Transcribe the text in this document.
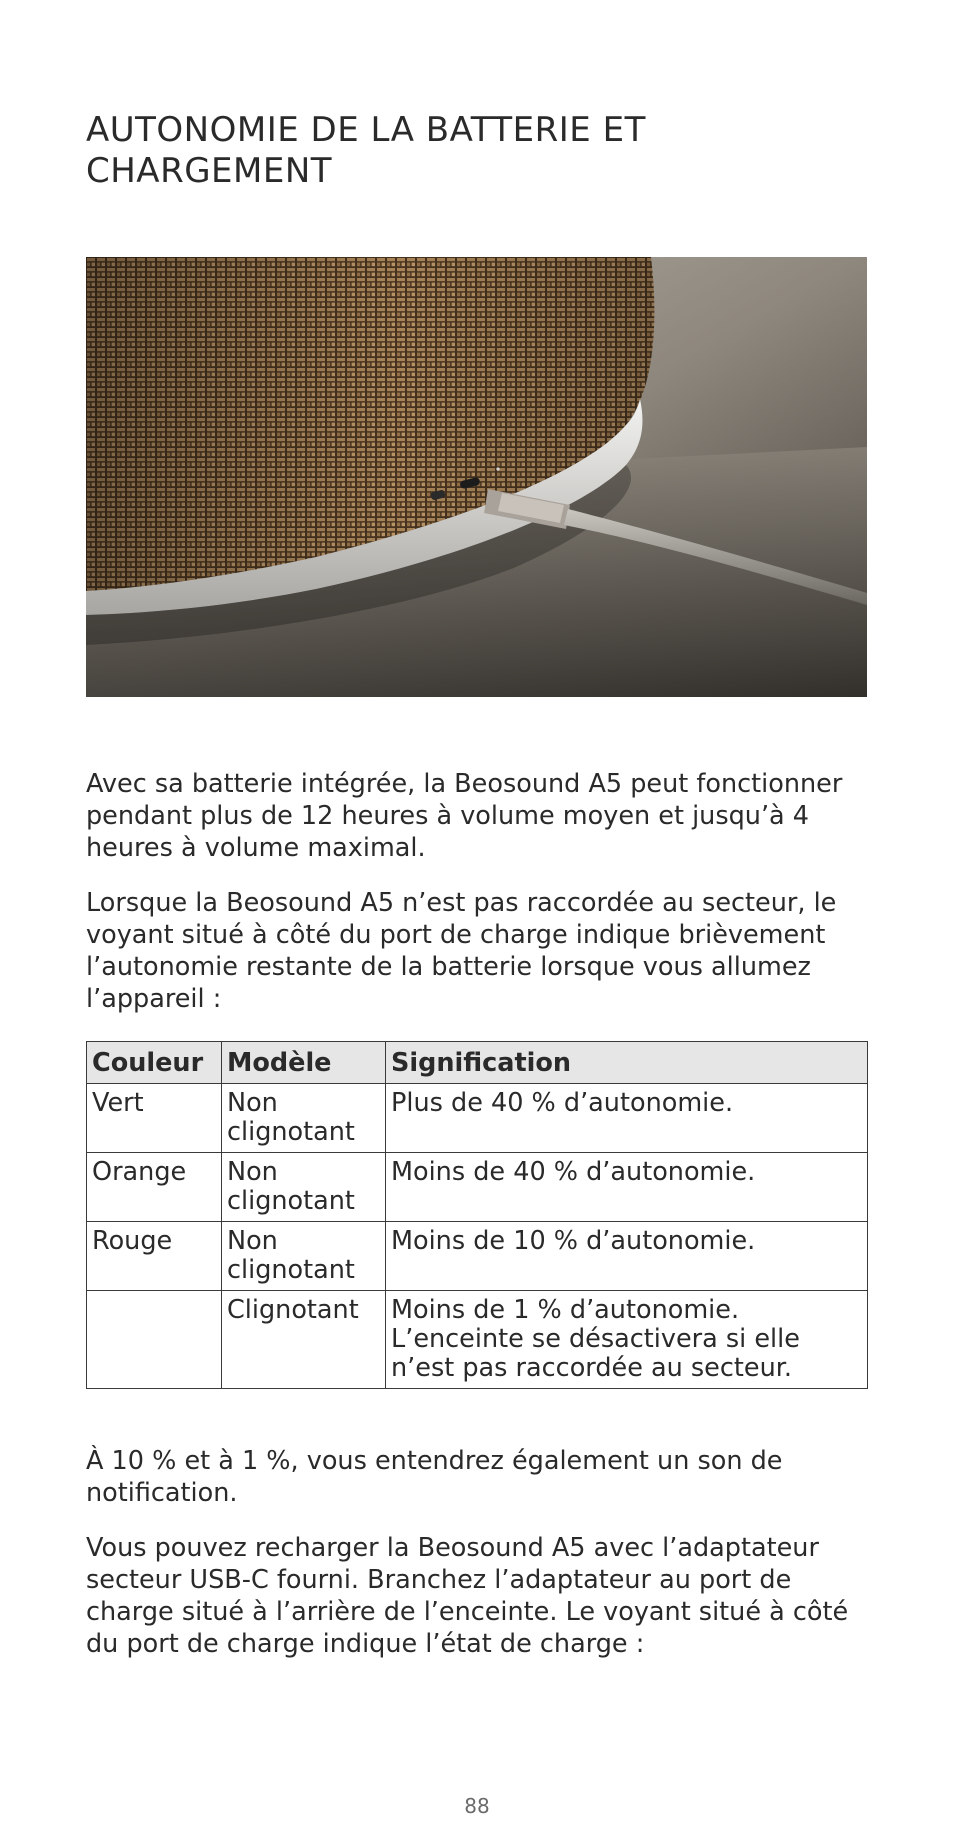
AUTONOMIE DE LA BATTERIE ET CHARGEMENT

Avec sa batterie intégrée, la Beosound A5 peut fonctionner pendant plus de 12 heures à volume moyen et jusqu’à 4 heures à volume maximal.

Lorsque la Beosound A5 n’est pas raccordée au secteur, le voyant situé à côté du port de charge indique brièvement l’autonomie restante de la batterie lorsque vous allumez l’appareil :

Couleur	Modèle	Signification
Vert	Non clignotant	Plus de 40 % d’autonomie.
Orange	Non clignotant	Moins de 40 % d’autonomie.
Rouge	Non clignotant	Moins de 10 % d’autonomie.
	Clignotant	Moins de 1 % d’autonomie. L’enceinte se désactivera si elle n’est pas raccordée au secteur.

À 10 % et à 1 %, vous entendrez également un son de notification.

Vous pouvez recharger la Beosound A5 avec l’adaptateur secteur USB-C fourni. Branchez l’adaptateur au port de charge situé à l’arrière de l’enceinte. Le voyant situé à côté du port de charge indique l’état de charge :

88
